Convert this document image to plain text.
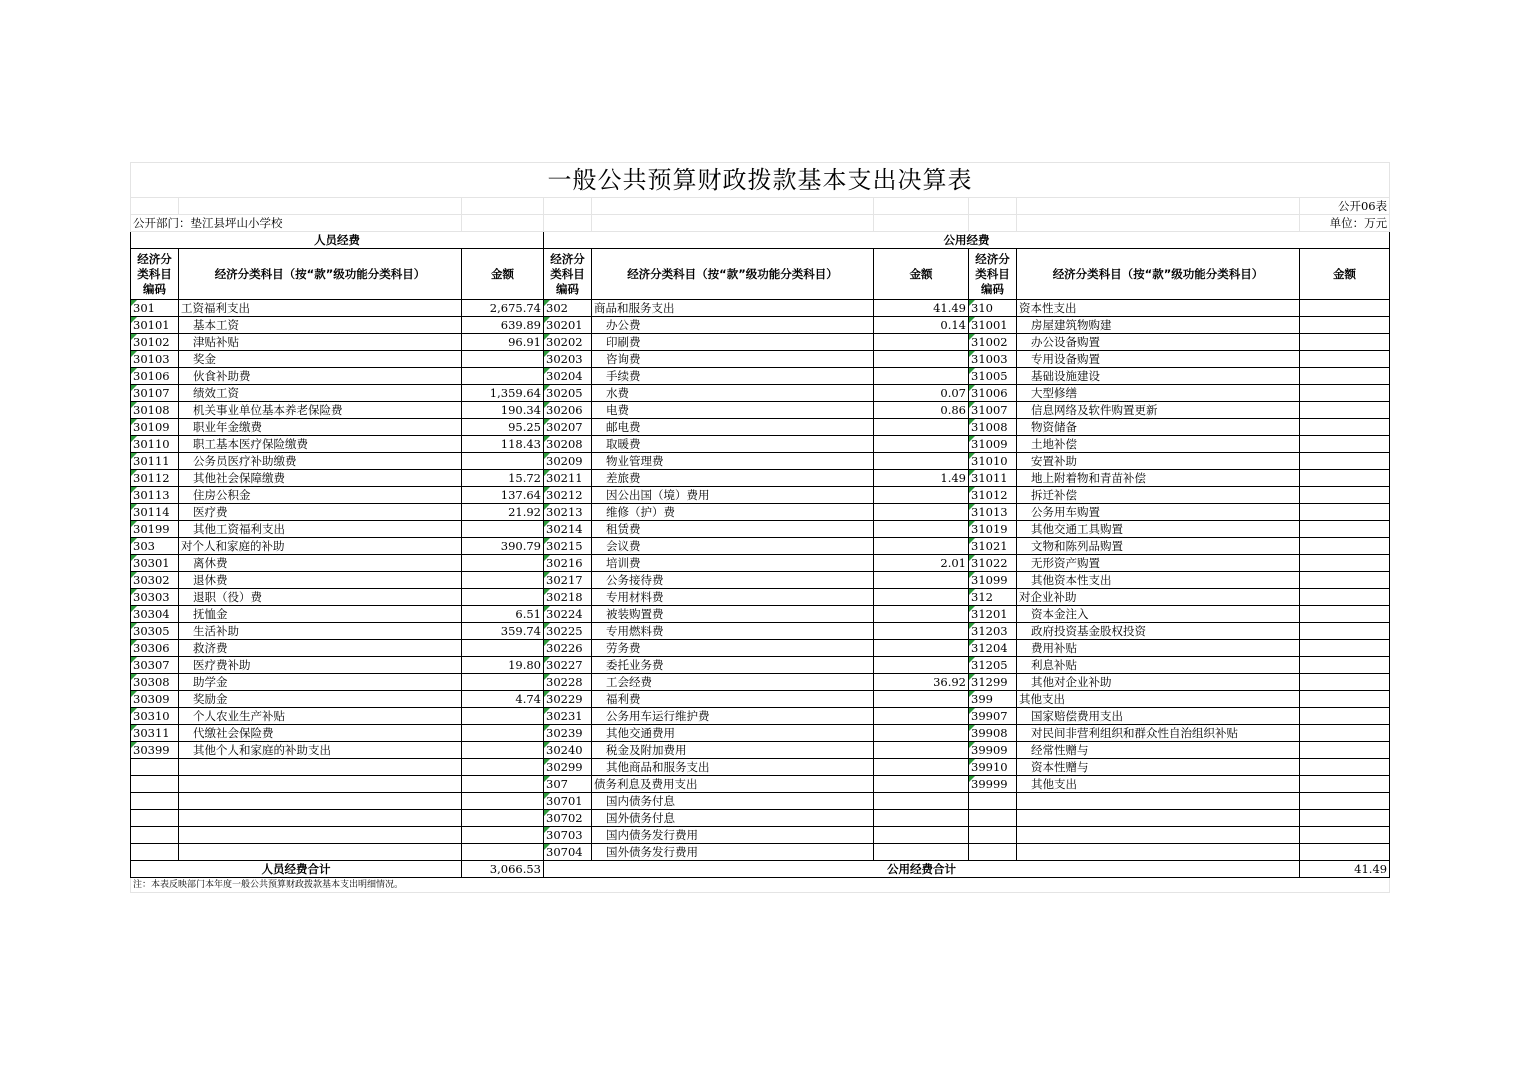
一般公共预算财政拨款基本支出决算表								
								公开06表
公开部门：垫江县坪山小学校								单位：万元
人员经费			公用经费					
经济分类科目编码	经济分类科目（按“款”级功能分类科目）	金额	经济分类科目编码	经济分类科目（按“款”级功能分类科目）	金额	经济分类科目编码	经济分类科目（按“款”级功能分类科目）	金额
301	工资福利支出	2,675.74	302	商品和服务支出	41.49	310	资本性支出	
30101	基本工资	639.89	30201	办公费	0.14	31001	房屋建筑物购建	
30102	津贴补贴	96.91	30202	印刷费		31002	办公设备购置	
30103	奖金		30203	咨询费		31003	专用设备购置	
30106	伙食补助费		30204	手续费		31005	基础设施建设	
30107	绩效工资	1,359.64	30205	水费	0.07	31006	大型修缮	
30108	机关事业单位基本养老保险费	190.34	30206	电费	0.86	31007	信息网络及软件购置更新	
30109	职业年金缴费	95.25	30207	邮电费		31008	物资储备	
30110	职工基本医疗保险缴费	118.43	30208	取暖费		31009	土地补偿	
30111	公务员医疗补助缴费		30209	物业管理费		31010	安置补助	
30112	其他社会保障缴费	15.72	30211	差旅费	1.49	31011	地上附着物和青苗补偿	
30113	住房公积金	137.64	30212	因公出国（境）费用		31012	拆迁补偿	
30114	医疗费	21.92	30213	维修（护）费		31013	公务用车购置	
30199	其他工资福利支出		30214	租赁费		31019	其他交通工具购置	
303	对个人和家庭的补助	390.79	30215	会议费		31021	文物和陈列品购置	
30301	离休费		30216	培训费	2.01	31022	无形资产购置	
30302	退休费		30217	公务接待费		31099	其他资本性支出	
30303	退职（役）费		30218	专用材料费		312	对企业补助	
30304	抚恤金	6.51	30224	被装购置费		31201	资本金注入	
30305	生活补助	359.74	30225	专用燃料费		31203	政府投资基金股权投资	
30306	救济费		30226	劳务费		31204	费用补贴	
30307	医疗费补助	19.80	30227	委托业务费		31205	利息补贴	
30308	助学金		30228	工会经费	36.92	31299	其他对企业补助	
30309	奖励金	4.74	30229	福利费		399	其他支出	
30310	个人农业生产补贴		30231	公务用车运行维护费		39907	国家赔偿费用支出	
30311	代缴社会保险费		30239	其他交通费用		39908	对民间非营利组织和群众性自治组织补贴	
30399	其他个人和家庭的补助支出		30240	税金及附加费用		39909	经常性赠与	
			30299	其他商品和服务支出		39910	资本性赠与	
			307	债务利息及费用支出		39999	其他支出	
			30701	国内债务付息				
			30702	国外债务付息				
			30703	国内债务发行费用				
			30704	国外债务发行费用				
人员经费合计		3,066.53	公用经费合计					41.49
注：本表反映部门本年度一般公共预算财政拨款基本支出明细情况。								
